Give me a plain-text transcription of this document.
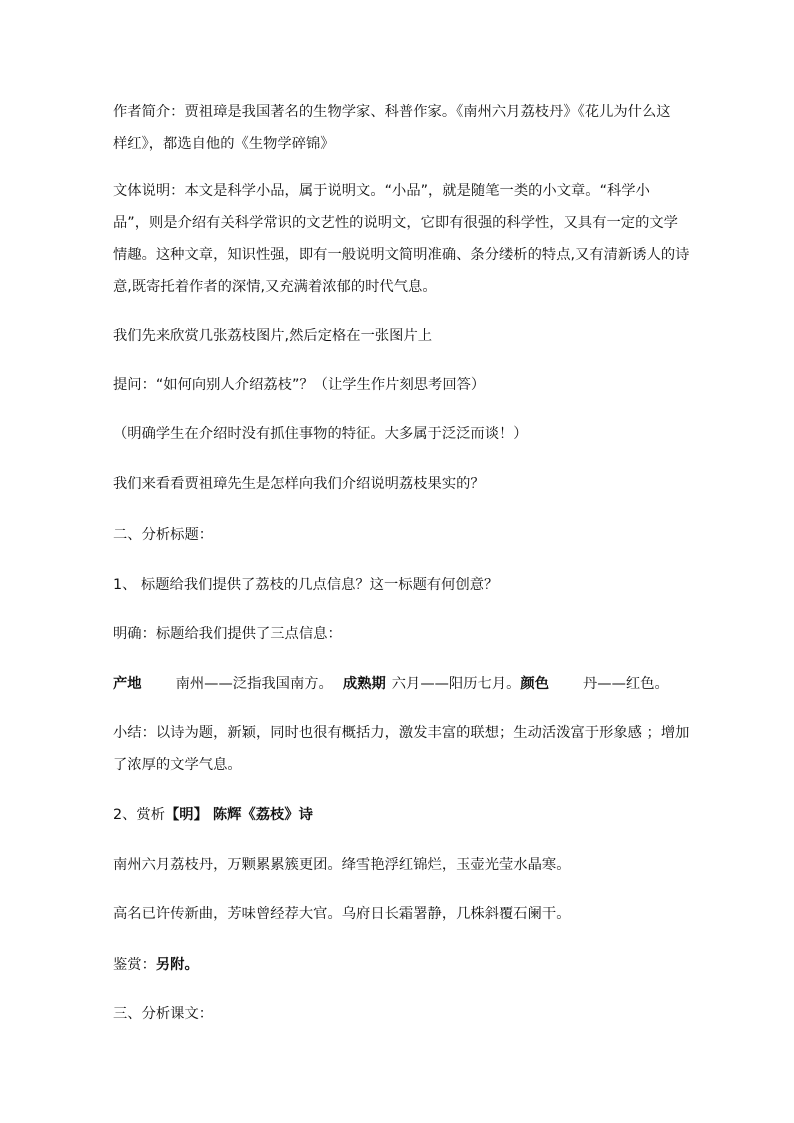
作者简介：贾祖璋是我国著名的生物学家、科普作家。《南州六月荔枝丹》《花儿为什么这
样红》，都选自他的《生物学碎锦》
文体说明：本文是科学小品，属于说明文。“小品”，就是随笔一类的小文章。“科学小
品”，则是介绍有关科学常识的文艺性的说明文，它即有很强的科学性，又具有一定的文学
情趣。这种文章，知识性强，即有一般说明文简明准确、条分缕析的特点,又有清新诱人的诗
意,既寄托着作者的深情,又充满着浓郁的时代气息。
我们先来欣赏几张荔枝图片,然后定格在一张图片上
提问：“如何向别人介绍荔枝”？（让学生作片刻思考回答）
（明确学生在介绍时没有抓住事物的特征。大多属于泛泛而谈！）
我们来看看贾祖璋先生是怎样向我们介绍说明荔枝果实的？
二、分析标题：
1、 标题给我们提供了荔枝的几点信息？这一标题有何创意？
明确：标题给我们提供了三点信息：
产地 南州——泛指我国南方。 成熟期 六月——阳历七月。颜色 丹——红色。
小结：以诗为题，新颖，同时也很有概括力，激发丰富的联想；生动活泼富于形象感 ；增加
了浓厚的文学气息。
2、赏析【明】 陈辉《荔枝》诗
南州六月荔枝丹，万颗累累簇更团。绛雪艳浮红锦烂，玉壶光莹水晶寒。
高名已许传新曲，芳味曾经荐大官。乌府日长霜署静，几株斜覆石阑干。
鉴赏：另附。
三、分析课文：
